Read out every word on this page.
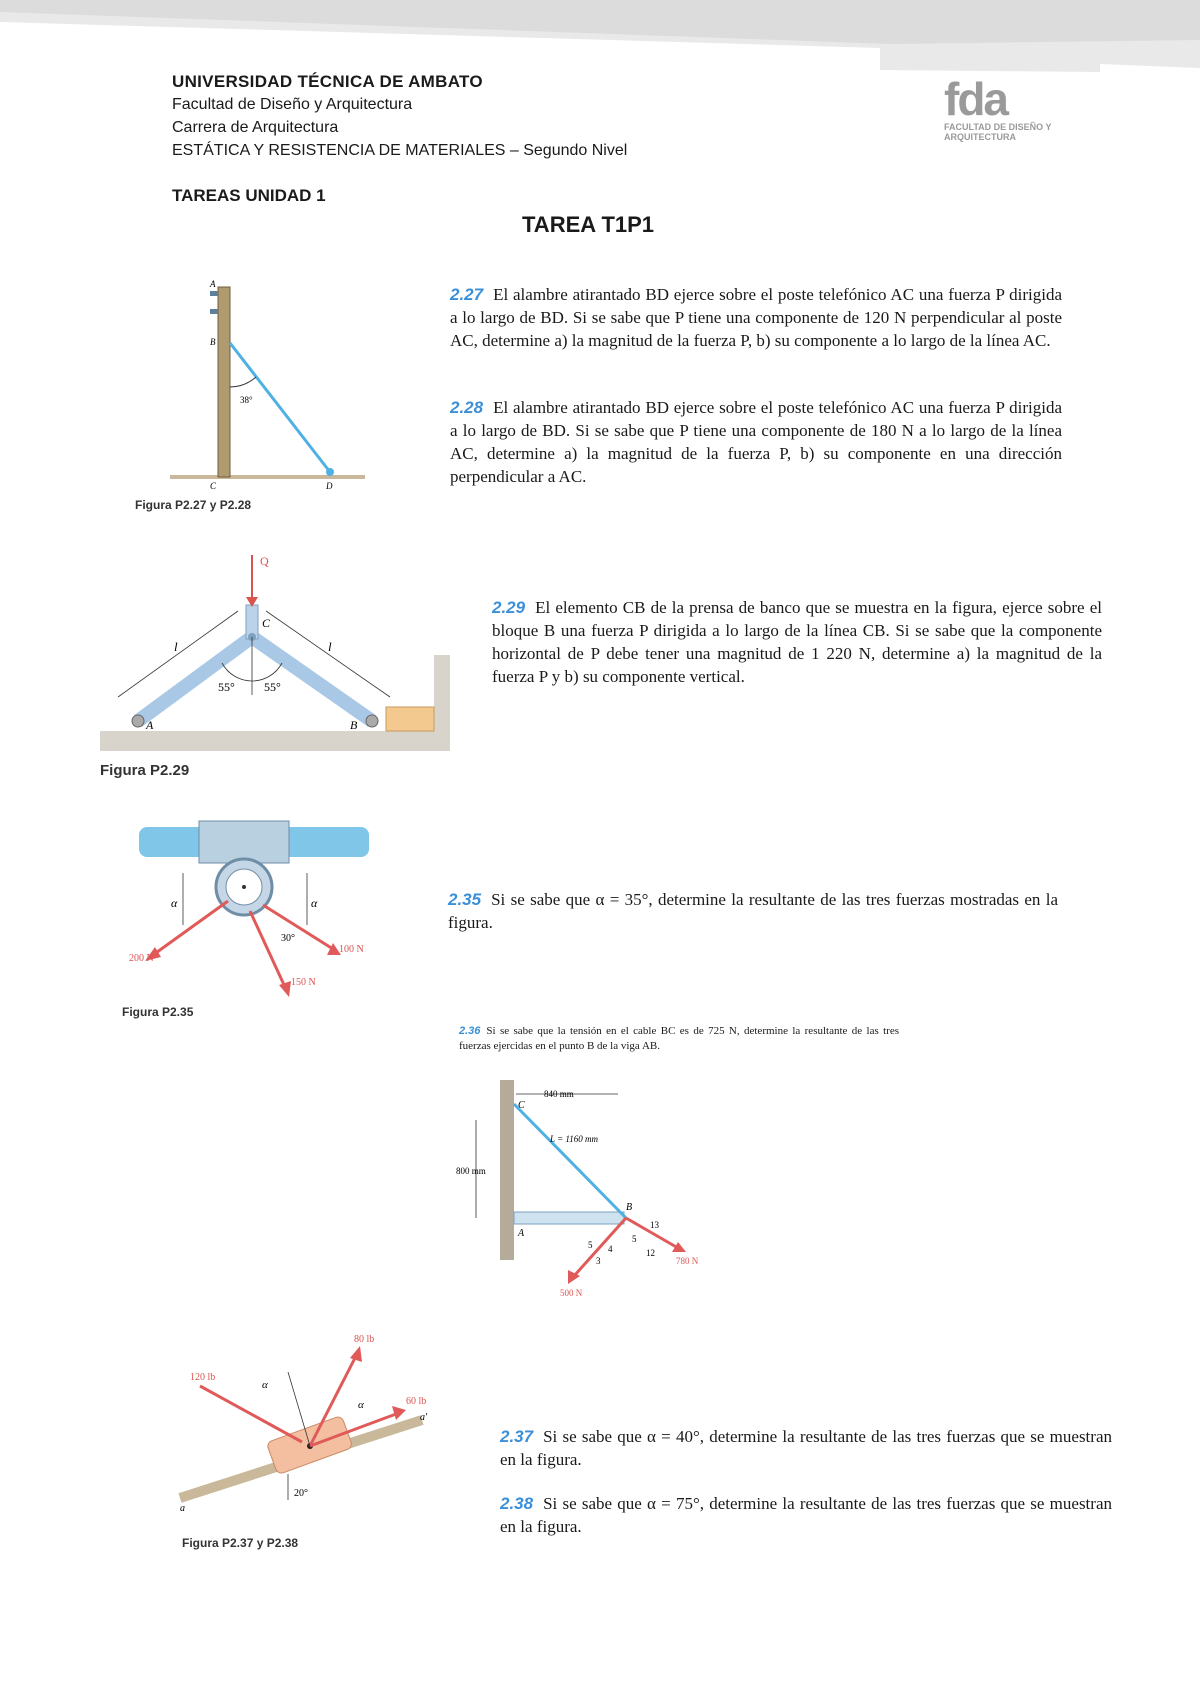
UNIVERSIDAD TÉCNICA DE AMBATO
Facultad de Diseño y Arquitectura
Carrera de Arquitectura
ESTÁTICA Y RESISTENCIA DE MATERIALES – Segundo Nivel
TAREAS UNIDAD 1
TAREA T1P1
fda
FACULTAD DE DISEÑO Y ARQUITECTURA
A
B
C	D
38°
Figura P2.27 y P2.28
2.27 El alambre atirantado BD ejerce sobre el poste telefónico AC una fuerza P dirigida a lo largo de BD. Si se sabe que P tiene una componente de 120 N perpendicular al poste AC, determine a) la magnitud de la fuerza P, b) su componente a lo largo de la línea AC.
2.28 El alambre atirantado BD ejerce sobre el poste telefónico AC una fuerza P dirigida a lo largo de BD. Si se sabe que P tiene una componente de 180 N a lo largo de la línea AC, determine a) la magnitud de la fuerza P, b) su componente en una dirección perpendicular a AC.
Q
C
A	B
l	l
55° 55°
Figura P2.29
2.29 El elemento CB de la prensa de banco que se muestra en la figura, ejerce sobre el bloque B una fuerza P dirigida a lo largo de la línea CB. Si se sabe que la componente horizontal de P debe tener una magnitud de 1 220 N, determine a) la magnitud de la fuerza P y b) su componente vertical.
200 N
150 N
100 N
α	α
30°
Figura P2.35
2.35 Si se sabe que α = 35°, determine la resultante de las tres fuerzas mostradas en la figura.
2.36 Si se sabe que la tensión en el cable BC es de 725 N, determine la resultante de las tres fuerzas ejercidas en el punto B de la viga AB.
840 mm
L = 1160 mm
800 mm
C
A
B
500 N
780 N
5 4
3
13
5
12
120 lb
80 lb
60 lb
α
α
20°
a
a'
Figura P2.37 y P2.38
2.37 Si se sabe que α = 40°, determine la resultante de las tres fuerzas que se muestran en la figura.
2.38 Si se sabe que α = 75°, determine la resultante de las tres fuerzas que se muestran en la figura.
